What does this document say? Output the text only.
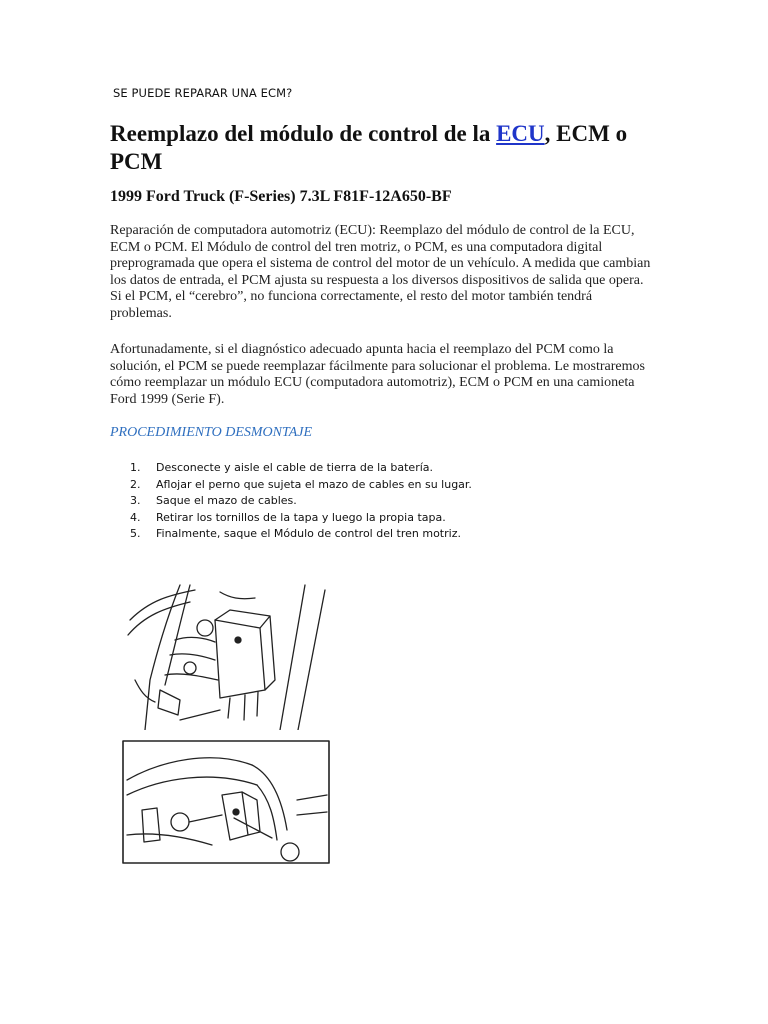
SE PUEDE REPARAR UNA ECM?
Reemplazo del módulo de control de la ECU, ECM o PCM
1999 Ford Truck (F-Series) 7.3L F81F-12A650-BF

Reparación de computadora automotriz (ECU): Reemplazo del módulo de control de la ECU, ECM o PCM. El Módulo de control del tren motriz, o PCM, es una computadora digital preprogramada que opera el sistema de control del motor de un vehículo. A medida que cambian los datos de entrada, el PCM ajusta su respuesta a los diversos dispositivos de salida que opera. Si el PCM, el “cerebro”, no funciona correctamente, el resto del motor también tendrá problemas.

Afortunadamente, si el diagnóstico adecuado apunta hacia el reemplazo del PCM como la solución, el PCM se puede reemplazar fácilmente para solucionar el problema. Le mostraremos cómo reemplazar un módulo ECU (computadora automotriz), ECM o PCM en una camioneta Ford 1999 (Serie F).

PROCEDIMIENTO DESMONTAJE
1. Desconecte y aisle el cable de tierra de la batería.
2. Aflojar el perno que sujeta el mazo de cables en su lugar.
3. Saque el mazo de cables.
4. Retirar los tornillos de la tapa y luego la propia tapa.
5. Finalmente, saque el Módulo de control del tren motriz.
